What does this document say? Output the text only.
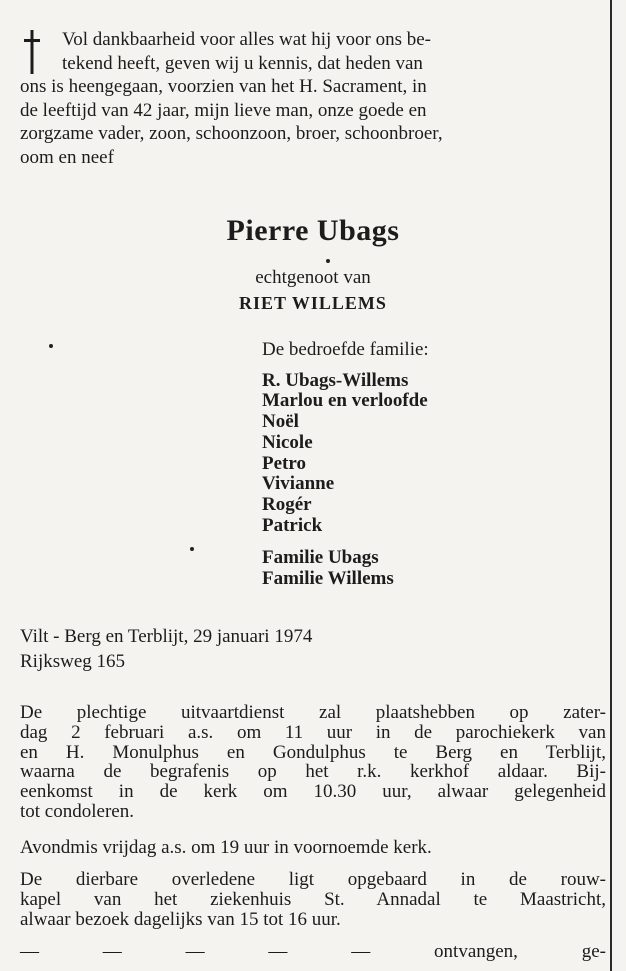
Vol dankbaarheid voor alles wat hij voor ons be-
tekend heeft, geven wij u kennis, dat heden van
ons is heengegaan, voorzien van het H. Sacrament, in
de leeftijd van 42 jaar, mijn lieve man, onze goede en
zorgzame vader, zoon, schoonzoon, broer, schoonbroer,
oom en neef
Pierre Ubags
echtgenoot van
RIET WILLEMS
De bedroefde familie:
R. Ubags-Willems
Marlou en verloofde
Noël
Nicole
Petro
Vivianne
Rogér
Patrick
Familie Ubags
Familie Willems
Vilt - Berg en Terblijt, 29 januari 1974
Rijksweg 165
De plechtige uitvaartdienst zal plaatshebben op zater-
dag 2 februari a.s. om 11 uur in de parochiekerk van
en H. Monulphus en Gondulphus te Berg en Terblijt,
waarna de begrafenis op het r.k. kerkhof aldaar. Bij-
eenkomst in de kerk om 10.30 uur, alwaar gelegenheid
tot condoleren.
Avondmis vrijdag a.s. om 19 uur in voornoemde kerk.
De dierbare overledene ligt opgebaard in de rouw-
kapel van het ziekenhuis St. Annadal te Maastricht,
alwaar bezoek dagelijks van 15 tot 16 uur.
— — — — — ontvangen, ge-
